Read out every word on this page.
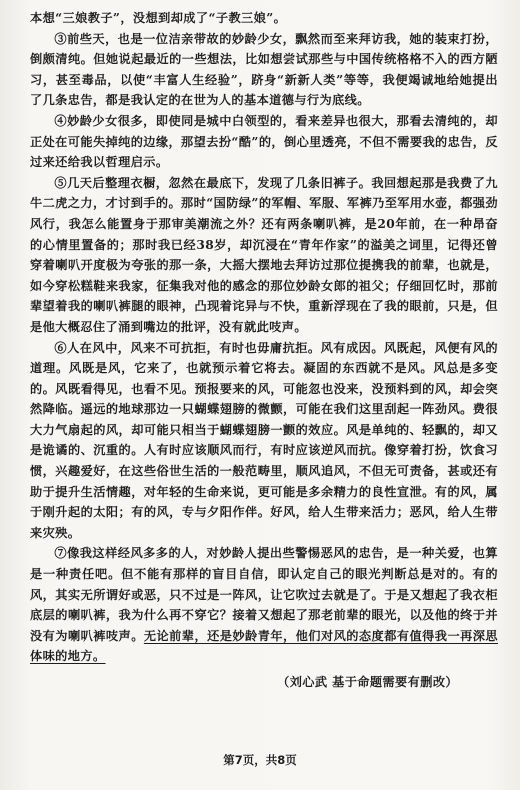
本想“三娘教子”，没想到却成了“子教三娘”。

③前些天，也是一位洁亲带故的妙龄少女，飘然而至来拜访我，她的装束打扮，倒颇清纯。但她说起最近的一些想法，比如想尝试那些与中国传统格格不入的西方陋习，甚至毒品，以使“丰富人生经验”，跻身“新新人类”等等，我便竭诚地给她提出了几条忠告，都是我认定的在世为人的基本道德与行为底线。

④妙龄少女很多，即使同是城中白领型的，看来差异也很大，那看去清纯的，却正处在可能失掉纯的边缘，那望去扮“酷”的，倒心里透亮，不但不需要我的忠告，反过来还给我以哲理启示。

⑤几天后整理衣橱，忽然在最底下，发现了几条旧裤子。我回想起那是我费了九牛二虎之力，才讨到手的。那时“国防绿”的军帽、军服、军裤乃至军用水壶，都强劲风行，我怎么能置身于那审美潮流之外？还有两条喇叭裤，是20年前，在一种昂奋的心情里置备的；那时我已经38岁，却沉浸在“青年作家”的溢美之词里，记得还曾穿着喇叭开度极为夸张的那一条，大摇大摆地去拜访过那位提携我的前辈，也就是，如今穿松糕鞋来我家，征集我对他的感念的那位妙龄女郎的祖父；仔细回忆时，那前辈望着我的喇叭裤腿的眼神，凸现着诧异与不快，重新浮现在了我的眼前，只是，但是他大概忍住了涌到嘴边的批评，没有就此吱声。

⑥人在风中，风来不可抗拒，有时也毋庸抗拒。风有成因。风既起，风便有风的道理。风既是风，它来了，也就预示着它将去。凝固的东西就不是风。风总是多变的。风既看得见，也看不见。预报要来的风，可能忽也没来，没预料到的风，却会突然降临。遥远的地球那边一只蝴蝶翅膀的微颤，可能在我们这里刮起一阵劲风。费很大力气扇起的风，却可能只相当于蝴蝶翅膀一颤的效应。风是单纯的、轻飘的，却又是诡谲的、沉重的。人有时应该顺风而行，有时应该逆风而抗。像穿着打扮，饮食习惯，兴趣爱好，在这些俗世生活的一般范畴里，顺风追风，不但无可责备，甚或还有助于提升生活情趣，对年轻的生命来说，更可能是多余精力的良性宣泄。有的风，属于刚升起的太阳；有的风，专与夕阳作伴。好风，给人生带来活力；恶风，给人生带来灾殃。

⑦像我这样经风多多的人，对妙龄人提出些警惕恶风的忠告，是一种关爱，也算是一种责任吧。但不能有那样的盲目自信，即认定自己的眼光判断总是对的。有的风，其实无所谓好或恶，只不过是一阵风，让它吹过去就是了。于是又想起了我衣柜底层的喇叭裤，我为什么再不穿它？接着又想起了那老前辈的眼光，以及他的终于并没有为喇叭裤吱声。无论前辈，还是妙龄青年，他们对风的态度都有值得我一再深思体味的地方。

（刘心武 基于命题需要有删改）

第7页，共8页
